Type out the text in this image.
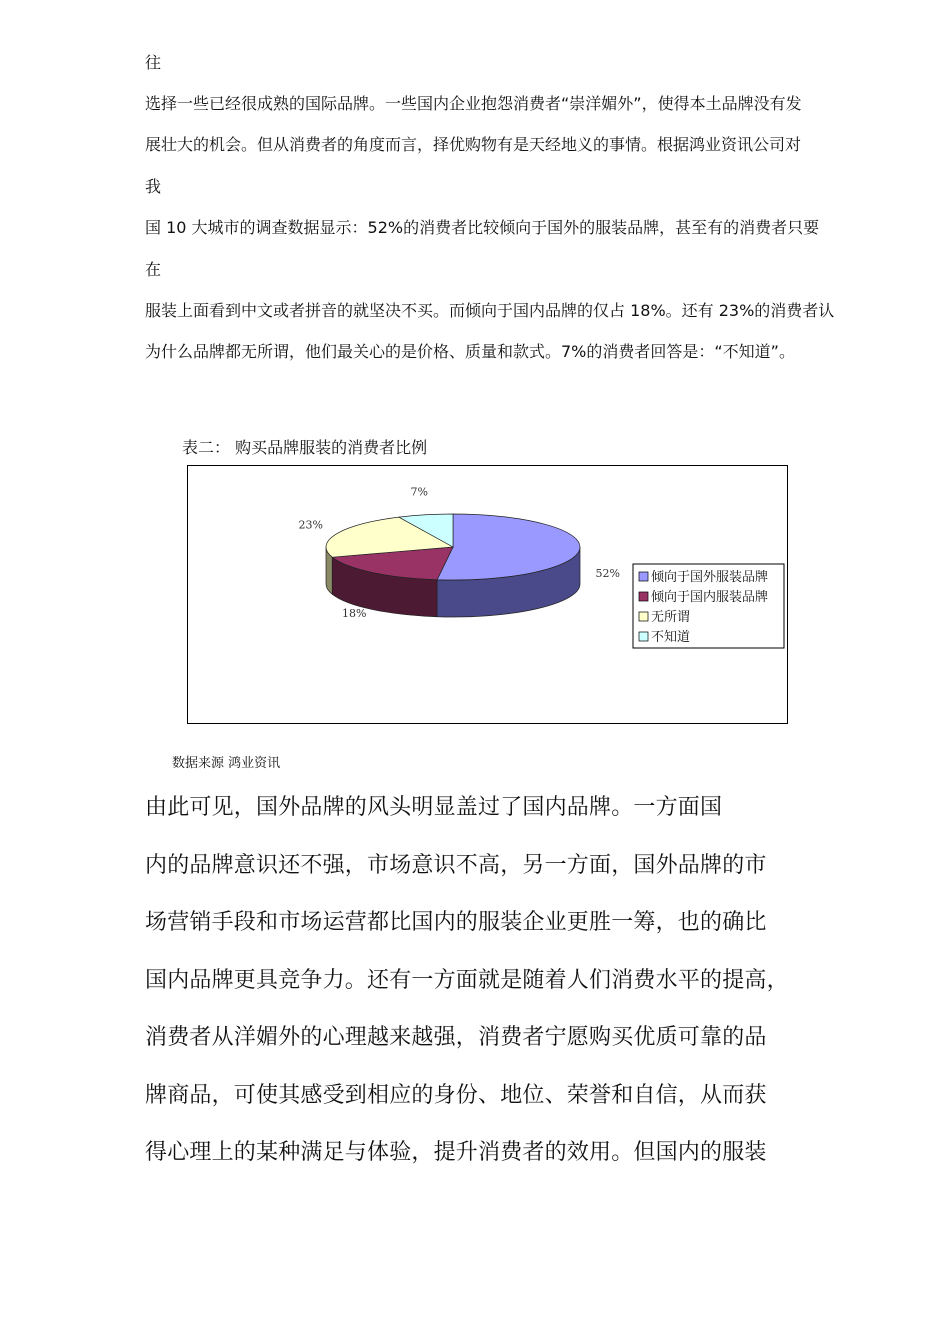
往
选择一些已经很成熟的国际品牌。一些国内企业抱怨消费者“崇洋媚外”，使得本土品牌没有发
展壮大的机会。但从消费者的角度而言，择优购物有是天经地义的事情。根据鸿业资讯公司对
我
国 10 大城市的调查数据显示：52%的消费者比较倾向于国外的服装品牌，甚至有的消费者只要
在
服装上面看到中文或者拼音的就坚决不买。而倾向于国内品牌的仅占 18%。还有 23%的消费者认
为什么品牌都无所谓，他们最关心的是价格、质量和款式。7%的消费者回答是：“不知道”。
表二： 购买品牌服装的消费者比例
52%
18%
23%
7%
倾向于国外服装品牌
倾向于国内服装品牌
无所谓
不知道
数据来源 鸿业资讯
由此可见，国外品牌的风头明显盖过了国内品牌。一方面国
内的品牌意识还不强，市场意识不高，另一方面，国外品牌的市
场营销手段和市场运营都比国内的服装企业更胜一筹，也的确比
国内品牌更具竞争力。还有一方面就是随着人们消费水平的提高，
消费者从洋媚外的心理越来越强，消费者宁愿购买优质可靠的品
牌商品，可使其感受到相应的身份、地位、荣誉和自信，从而获
得心理上的某种满足与体验，提升消费者的效用。但国内的服装
